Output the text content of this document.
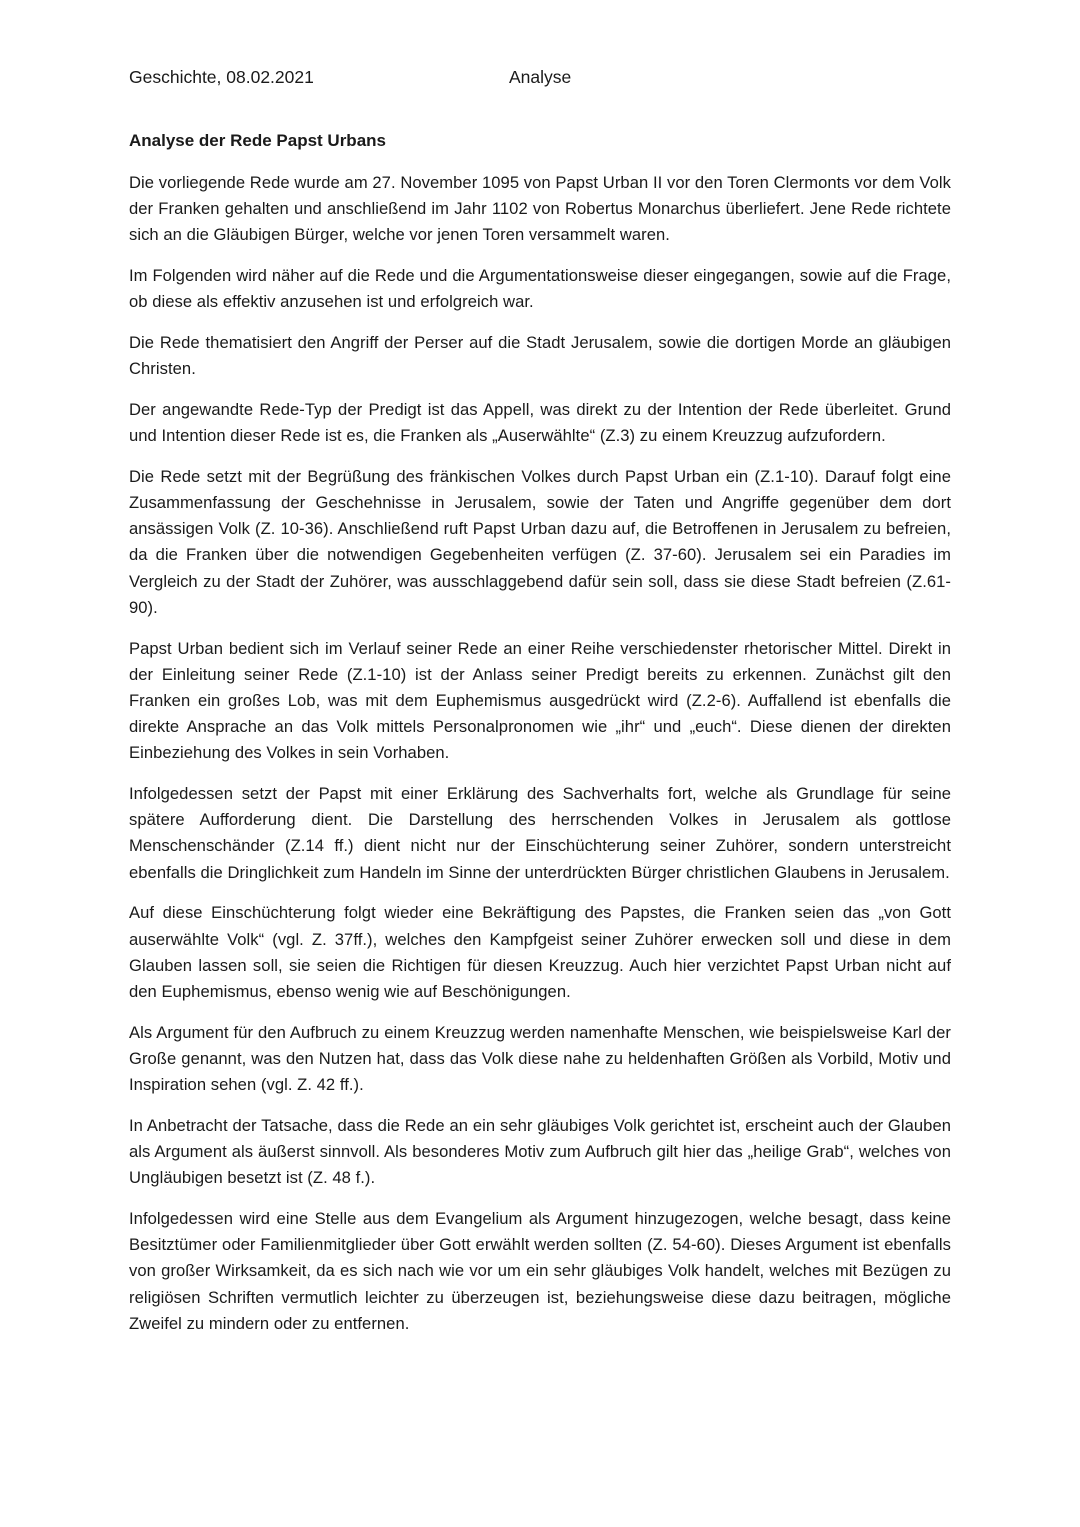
Geschichte, 08.02.2021	Analyse
Analyse der Rede Papst Urbans

Die vorliegende Rede wurde am 27. November 1095 von Papst Urban II vor den Toren Clermonts vor dem Volk der Franken gehalten und anschließend im Jahr 1102 von Robertus Monarchus überliefert. Jene Rede richtete sich an die Gläubigen Bürger, welche vor jenen Toren versammelt waren.

Im Folgenden wird näher auf die Rede und die Argumentationsweise dieser eingegangen, sowie auf die Frage, ob diese als effektiv anzusehen ist und erfolgreich war.

Die Rede thematisiert den Angriff der Perser auf die Stadt Jerusalem, sowie die dortigen Morde an gläubigen Christen.

Der angewandte Rede-Typ der Predigt ist das Appell, was direkt zu der Intention der Rede überleitet. Grund und Intention dieser Rede ist es, die Franken als „Auserwählte“ (Z.3) zu einem Kreuzzug aufzufordern.

Die Rede setzt mit der Begrüßung des fränkischen Volkes durch Papst Urban ein (Z.1-10). Darauf folgt eine Zusammenfassung der Geschehnisse in Jerusalem, sowie der Taten und Angriffe gegenüber dem dort ansässigen Volk (Z. 10-36). Anschließend ruft Papst Urban dazu auf, die Betroffenen in Jerusalem zu befreien, da die Franken über die notwendigen Gegebenheiten verfügen (Z. 37-60). Jerusalem sei ein Paradies im Vergleich zu der Stadt der Zuhörer, was ausschlaggebend dafür sein soll, dass sie diese Stadt befreien (Z.61-90).

Papst Urban bedient sich im Verlauf seiner Rede an einer Reihe verschiedenster rhetorischer Mittel. Direkt in der Einleitung seiner Rede (Z.1-10) ist der Anlass seiner Predigt bereits zu erkennen. Zunächst gilt den Franken ein großes Lob, was mit dem Euphemismus ausgedrückt wird (Z.2-6). Auffallend ist ebenfalls die direkte Ansprache an das Volk mittels Personalpronomen wie „ihr“ und „euch“. Diese dienen der direkten Einbeziehung des Volkes in sein Vorhaben.

Infolgedessen setzt der Papst mit einer Erklärung des Sachverhalts fort, welche als Grundlage für seine spätere Aufforderung dient. Die Darstellung des herrschenden Volkes in Jerusalem als gottlose Menschenschänder (Z.14 ff.) dient nicht nur der Einschüchterung seiner Zuhörer, sondern unterstreicht ebenfalls die Dringlichkeit zum Handeln im Sinne der unterdrückten Bürger christlichen Glaubens in Jerusalem.

Auf diese Einschüchterung folgt wieder eine Bekräftigung des Papstes, die Franken seien das „von Gott auserwählte Volk“ (vgl. Z. 37ff.), welches den Kampfgeist seiner Zuhörer erwecken soll und diese in dem Glauben lassen soll, sie seien die Richtigen für diesen Kreuzzug. Auch hier verzichtet Papst Urban nicht auf den Euphemismus, ebenso wenig wie auf Beschönigungen.

Als Argument für den Aufbruch zu einem Kreuzzug werden namenhafte Menschen, wie beispielsweise Karl der Große genannt, was den Nutzen hat, dass das Volk diese nahe zu heldenhaften Größen als Vorbild, Motiv und Inspiration sehen (vgl. Z. 42 ff.).

In Anbetracht der Tatsache, dass die Rede an ein sehr gläubiges Volk gerichtet ist, erscheint auch der Glauben als Argument als äußerst sinnvoll. Als besonderes Motiv zum Aufbruch gilt hier das „heilige Grab“, welches von Ungläubigen besetzt ist (Z. 48 f.).

Infolgedessen wird eine Stelle aus dem Evangelium als Argument hinzugezogen, welche besagt, dass keine Besitztümer oder Familienmitglieder über Gott erwählt werden sollten (Z. 54-60). Dieses Argument ist ebenfalls von großer Wirksamkeit, da es sich nach wie vor um ein sehr gläubiges Volk handelt, welches mit Bezügen zu religiösen Schriften vermutlich leichter zu überzeugen ist, beziehungsweise diese dazu beitragen, mögliche Zweifel zu mindern oder zu entfernen.
